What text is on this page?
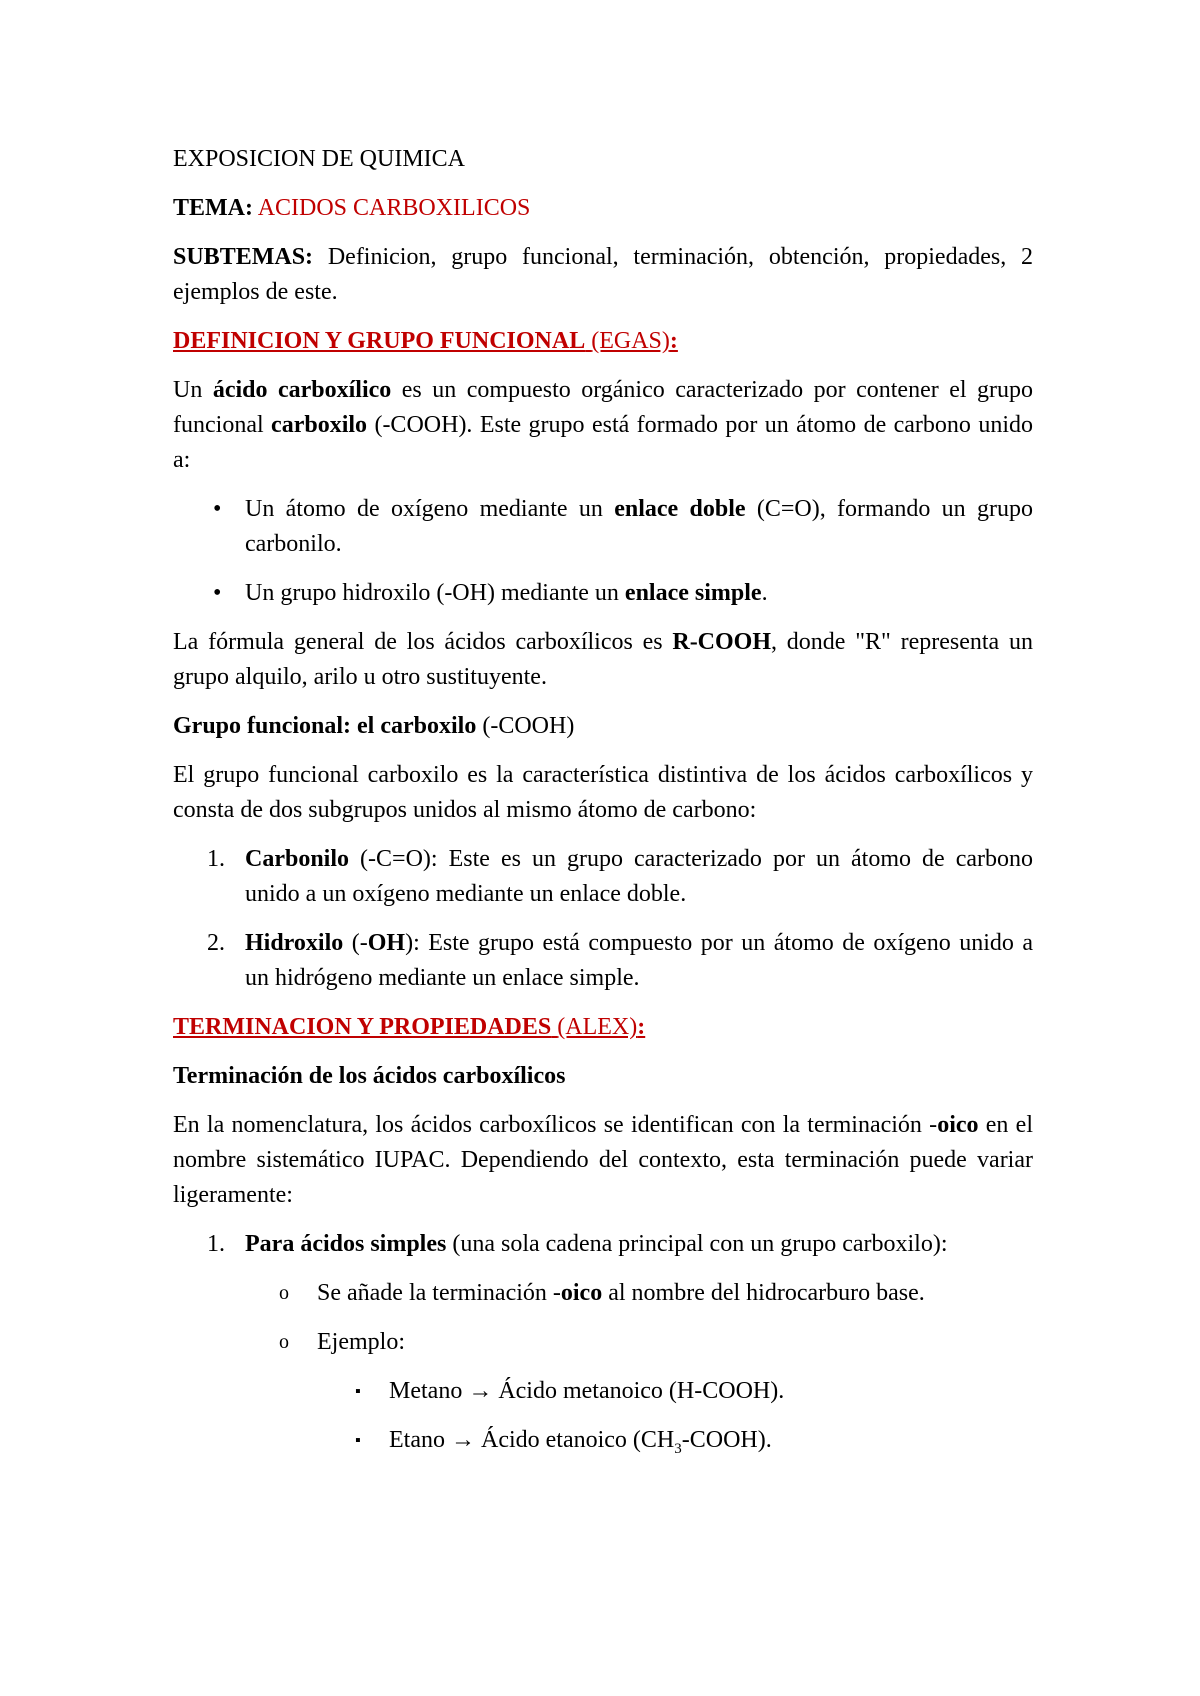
EXPOSICION DE QUIMICA

TEMA: ACIDOS CARBOXILICOS

SUBTEMAS: Definicion, grupo funcional, terminación, obtención, propiedades, 2 ejemplos de este.

DEFINICION Y GRUPO FUNCIONAL (EGAS):

Un ácido carboxílico es un compuesto orgánico caracterizado por contener el grupo funcional carboxilo (-COOH). Este grupo está formado por un átomo de carbono unido a:

• Un átomo de oxígeno mediante un enlace doble (C=O), formando un grupo carbonilo.
• Un grupo hidroxilo (-OH) mediante un enlace simple.

La fórmula general de los ácidos carboxílicos es R-COOH, donde "R" representa un grupo alquilo, arilo u otro sustituyente.

Grupo funcional: el carboxilo (-COOH)

El grupo funcional carboxilo es la característica distintiva de los ácidos carboxílicos y consta de dos subgrupos unidos al mismo átomo de carbono:

1. Carbonilo (-C=O): Este es un grupo caracterizado por un átomo de carbono unido a un oxígeno mediante un enlace doble.
2. Hidroxilo (-OH): Este grupo está compuesto por un átomo de oxígeno unido a un hidrógeno mediante un enlace simple.

TERMINACION Y PROPIEDADES (ALEX):

Terminación de los ácidos carboxílicos

En la nomenclatura, los ácidos carboxílicos se identifican con la terminación -oico en el nombre sistemático IUPAC. Dependiendo del contexto, esta terminación puede variar ligeramente:

1. Para ácidos simples (una sola cadena principal con un grupo carboxilo):
o	Se añade la terminación -oico al nombre del hidrocarburo base.
o	Ejemplo:
▪	Metano → Ácido metanoico (H-COOH).
▪	Etano → Ácido etanoico $(CH_3-COOH)$.
